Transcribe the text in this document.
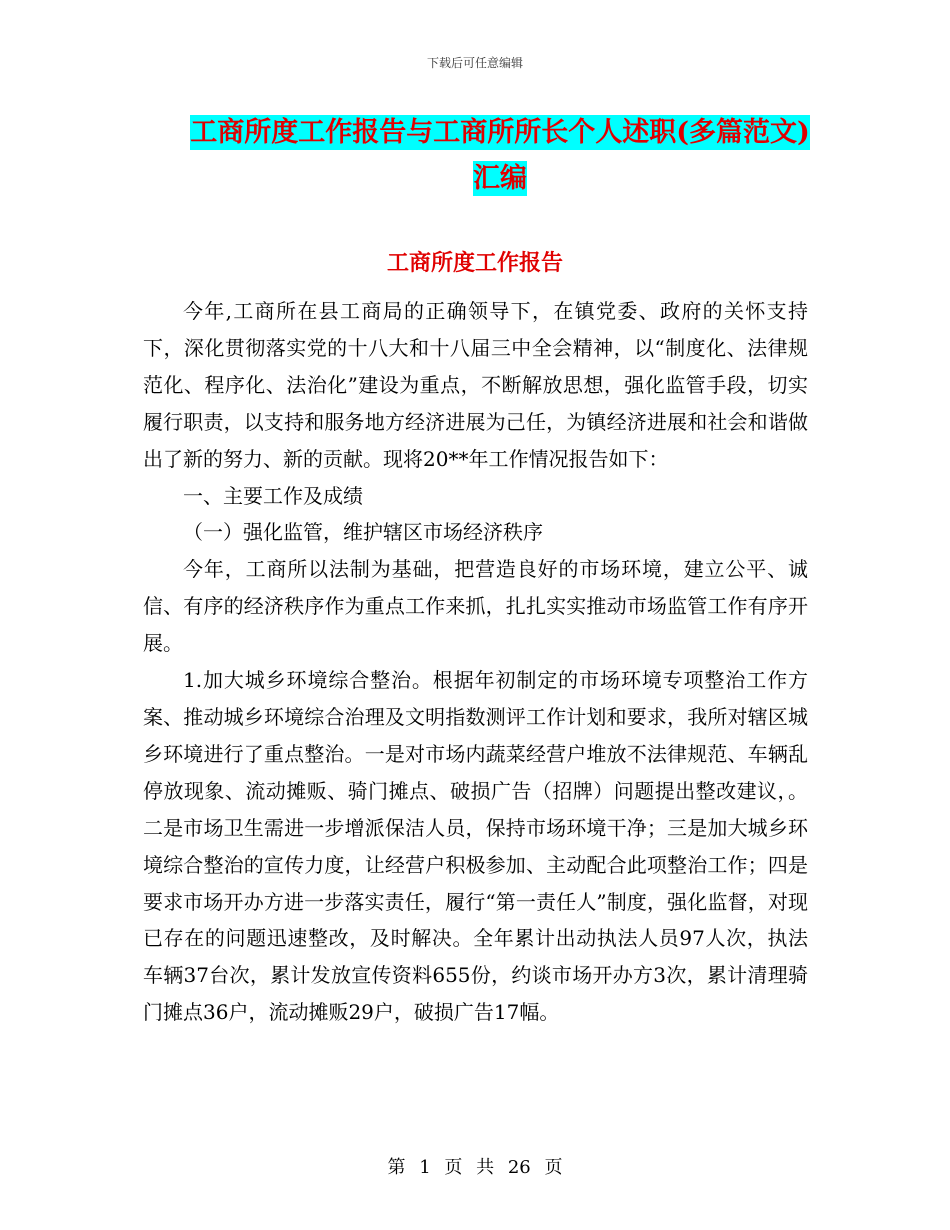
下载后可任意编辑
工商所度工作报告与工商所所长个人述职(多篇范文)
汇编
工商所度工作报告

今年,工商所在县工商局的正确领导下，在镇党委、政府的关怀支持下，深化贯彻落实党的十八大和十八届三中全会精神，以“制度化、法律规范化、程序化、法治化”建设为重点，不断解放思想，强化监管手段，切实履行职责，以支持和服务地方经济进展为己任，为镇经济进展和社会和谐做出了新的努力、新的贡献。现将20**年工作情况报告如下：

一、主要工作及成绩

（一）强化监管，维护辖区市场经济秩序

今年，工商所以法制为基础，把营造良好的市场环境，建立公平、诚信、有序的经济秩序作为重点工作来抓，扎扎实实推动市场监管工作有序开展。

1.加大城乡环境综合整治。根据年初制定的市场环境专项整治工作方案、推动城乡环境综合治理及文明指数测评工作计划和要求，我所对辖区城乡环境进行了重点整治。一是对市场内蔬菜经营户堆放不法律规范、车辆乱停放现象、流动摊贩、骑门摊点、破损广告（招牌）问题提出整改建议，。二是市场卫生需进一步增派保洁人员，保持市场环境干净；三是加大城乡环境综合整治的宣传力度，让经营户积极参加、主动配合此项整治工作；四是要求市场开办方进一步落实责任，履行“第一责任人”制度，强化监督，对现已存在的问题迅速整改，及时解决。全年累计出动执法人员97人次，执法车辆37台次，累计发放宣传资料655份，约谈市场开办方3次，累计清理骑门摊点36户，流动摊贩29户，破损广告17幅。

第 1 页 共 26 页
